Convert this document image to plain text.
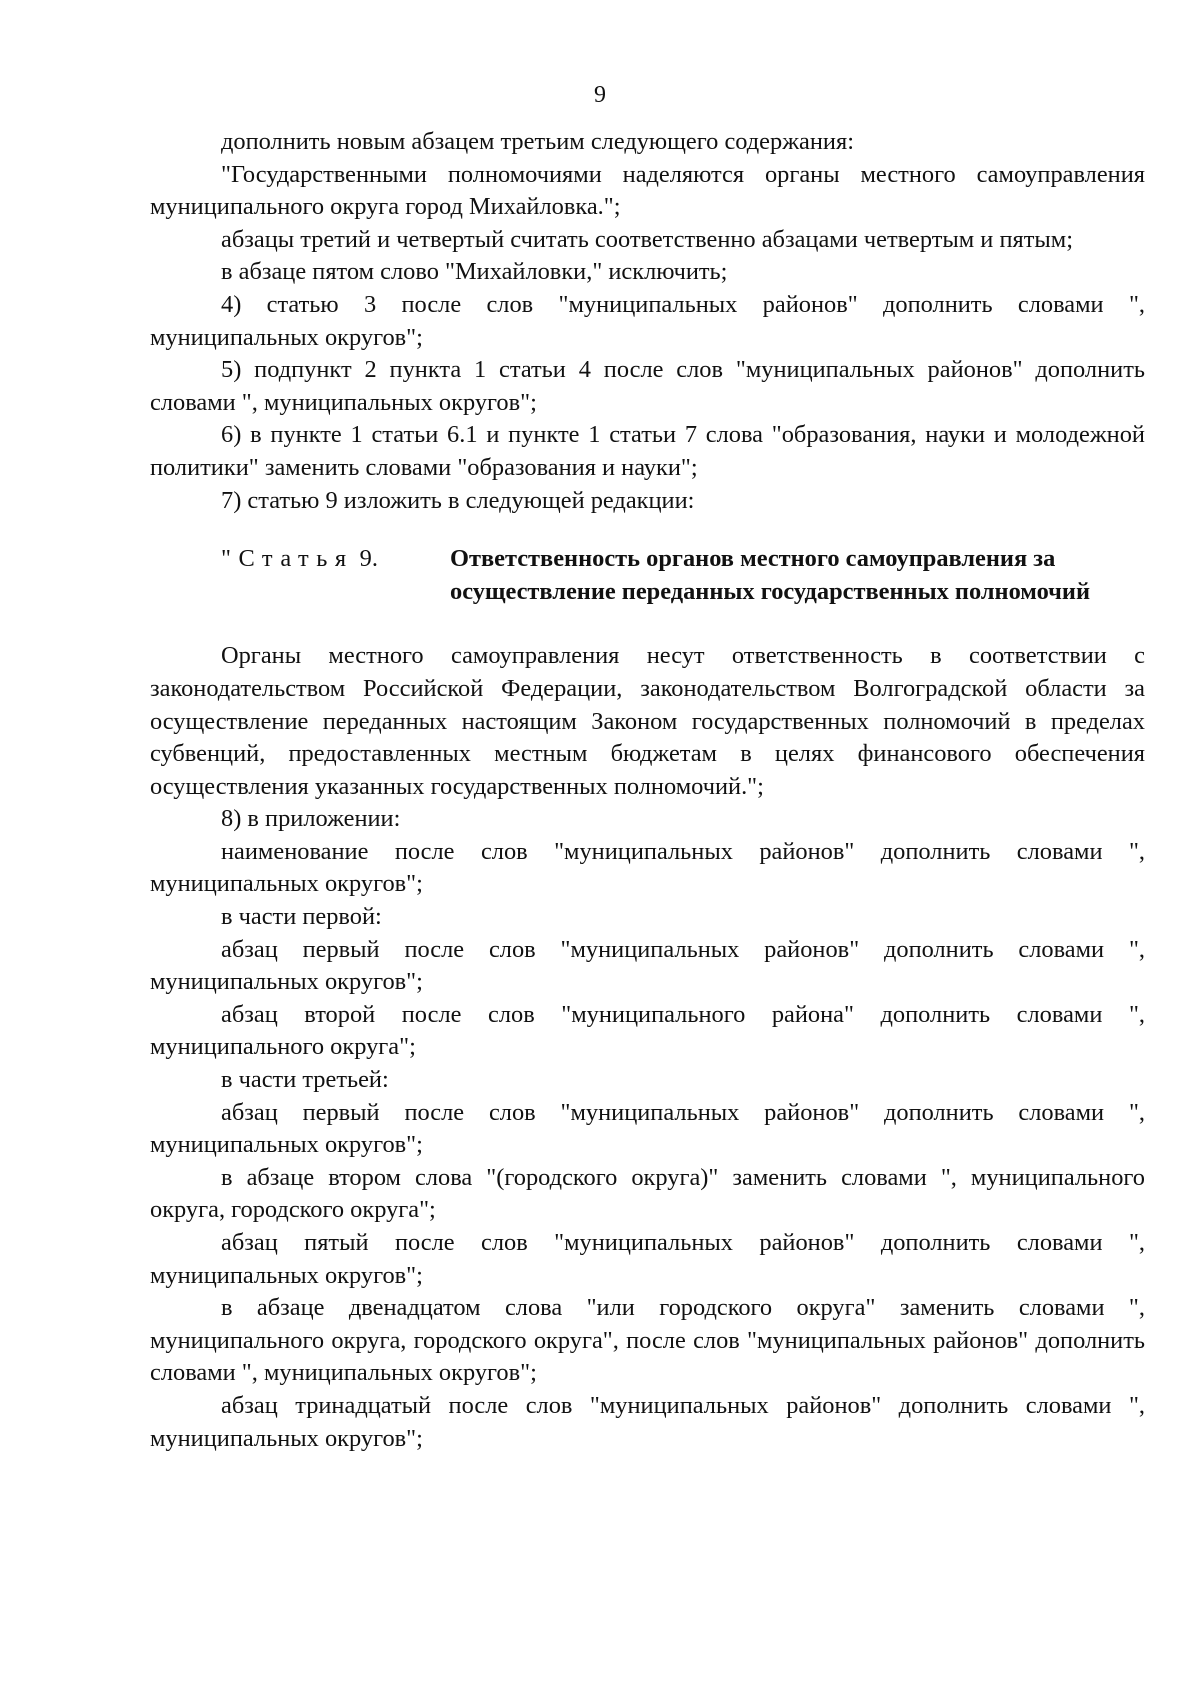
9

дополнить новым абзацем третьим следующего содержания:

"Государственными полномочиями наделяются органы местного самоуправления муниципального округа город Михайловка.";

абзацы третий и четвертый считать соответственно абзацами четвертым и пятым;

в абзаце пятом слово "Михайловки," исключить;

4) статью 3 после слов "муниципальных районов" дополнить словами ", муниципальных округов";

5) подпункт 2 пункта 1 статьи 4 после слов "муниципальных районов" дополнить словами ", муниципальных округов";

6) в пункте 1 статьи 6.1 и пункте 1 статьи 7 слова "образования, науки и молодежной политики" заменить словами "образования и науки";

7) статью 9 изложить в следующей редакции:

"Статья 9.	Ответственность органов местного самоуправления за осуществление переданных государственных полномочий

Органы местного самоуправления несут ответственность в соответствии с законодательством Российской Федерации, законодательством Волгоградской области за осуществление переданных настоящим Законом государственных полномочий в пределах субвенций, предоставленных местным бюджетам в целях финансового обеспечения осуществления указанных государственных полномочий.";

8) в приложении:

наименование после слов "муниципальных районов" дополнить словами ", муниципальных округов";

в части первой:

абзац первый после слов "муниципальных районов" дополнить словами ", муниципальных округов";

абзац второй после слов "муниципального района" дополнить словами ", муниципального округа";

в части третьей:

абзац первый после слов "муниципальных районов" дополнить словами ", муниципальных округов";

в абзаце втором слова "(городского округа)" заменить словами ", муниципального округа, городского округа";

абзац пятый после слов "муниципальных районов" дополнить словами ", муниципальных округов";

в абзаце двенадцатом слова "или городского округа" заменить словами ", муниципального округа, городского округа", после слов "муниципальных районов" дополнить словами ", муниципальных округов";

абзац тринадцатый после слов "муниципальных районов" дополнить словами ", муниципальных округов";
